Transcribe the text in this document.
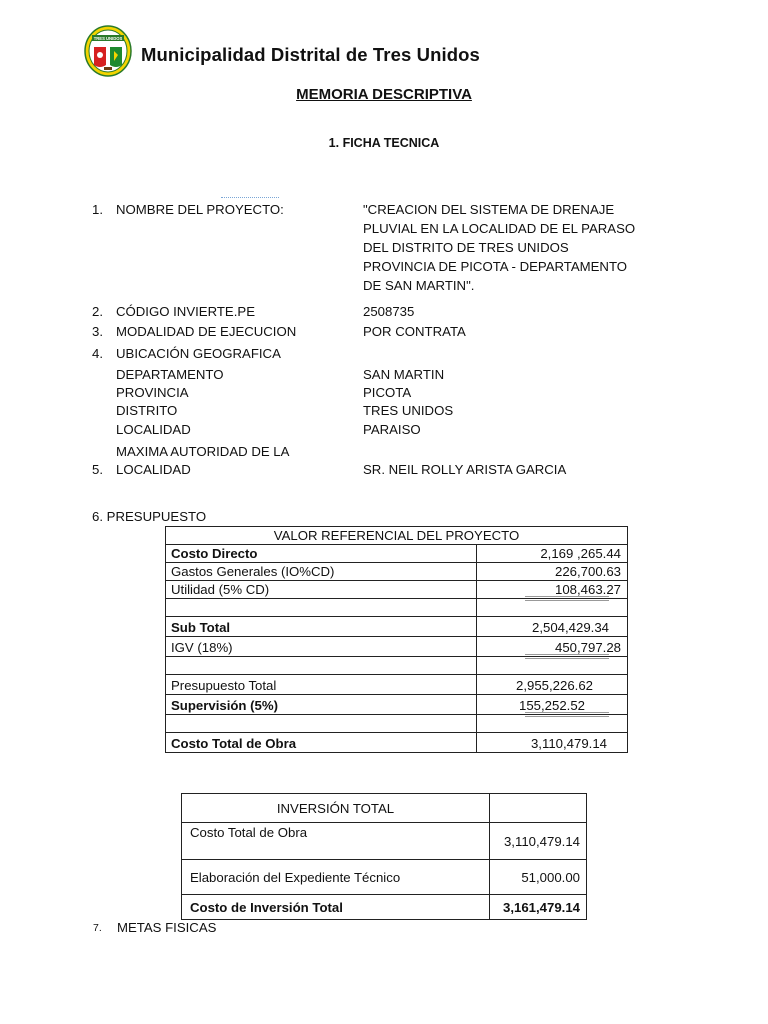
TRES UNIDOS
Municipalidad Distrital de Tres Unidos
MEMORIA DESCRIPTIVA
1. FICHA TECNICA
1. NOMBRE DEL PROYECTO:	"CREACION DEL SISTEMA DE DRENAJE PLUVIAL EN LA LOCALIDAD DE EL PARASO DEL DISTRITO DE TRES UNIDOS PROVINCIA DE PICOTA - DEPARTAMENTO DE SAN MARTIN".
2. CÓDIGO INVIERTE.PE	2508735
3. MODALIDAD DE EJECUCION	POR CONTRATA
4. UBICACIÓN GEOGRAFICA
DEPARTAMENTO	SAN MARTIN
PROVINCIA	PICOTA
DISTRITO	TRES UNIDOS
LOCALIDAD	PARAISO
MAXIMA AUTORIDAD DE LA
5. LOCALIDAD	SR. NEIL ROLLY ARISTA GARCIA
6. PRESUPUESTO
VALOR REFERENCIAL DEL PROYECTO	
Costo Directo	2,169 ,265.44
Gastos Generales (IO%CD)	226,700.63
Utilidad (5% CD)	108,463.27

Sub Total	2,504,429.34
IGV (18%)	450,797.28

Presupuesto Total	2,955,226.62
Supervisión (5%)	155,252.52

Costo Total de Obra	3,110,479.14
INVERSIÓN TOTAL	
Costo Total de Obra	3,110,479.14
Elaboración del Expediente Técnico	51,000.00
Costo de Inversión Total	3,161,479.14
7.	METAS FISICAS
